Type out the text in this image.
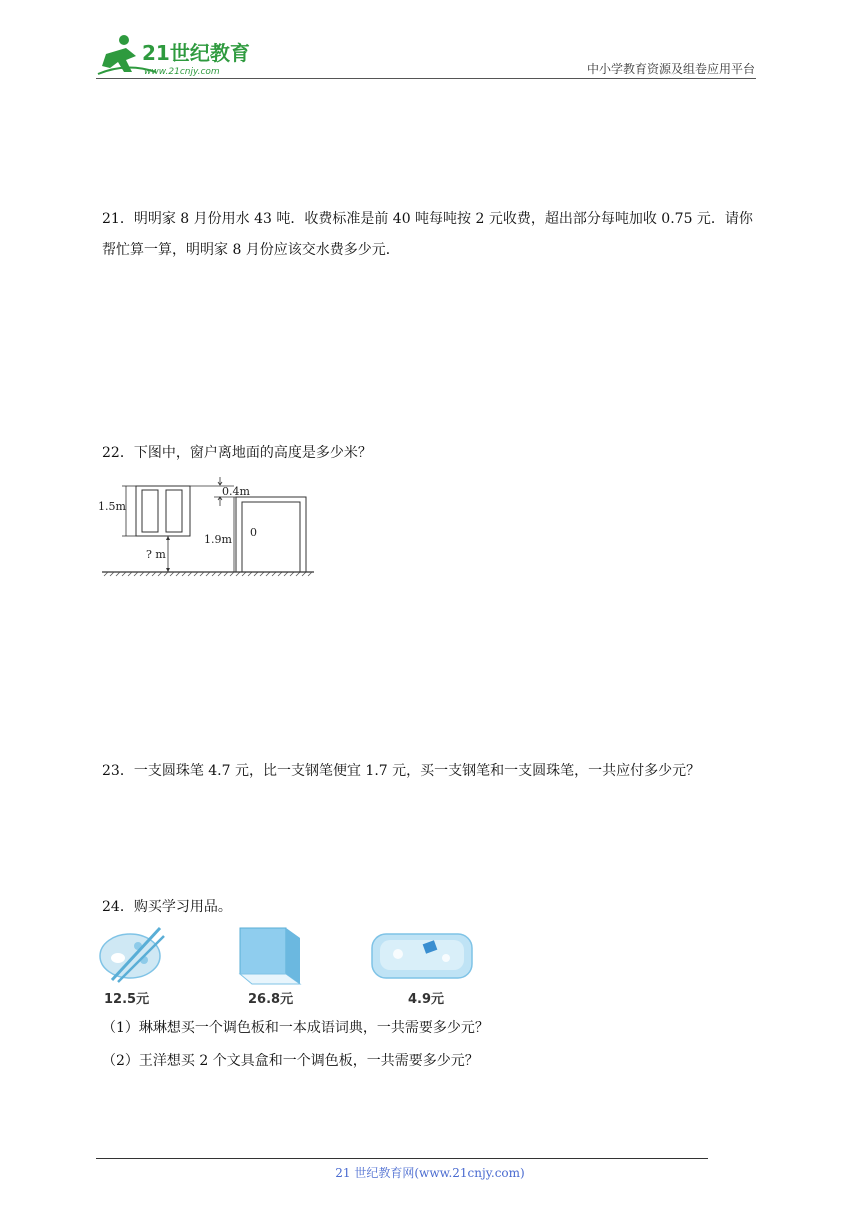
21世纪教育
www.21cnjy.com	中小学教育资源及组卷应用平台
21．明明家 8 月份用水 43 吨．收费标准是前 40 吨每吨按 2 元收费，超出部分每吨加收 0.75 元．请你帮忙算一算，明明家 8 月份应该交水费多少元．
22．下图中，窗户离地面的高度是多少米？
1.5m
? m
0.4m
1.9m
0
23．一支圆珠笔 4.7 元，比一支钢笔便宜 1.7 元，买一支钢笔和一支圆珠笔，一共应付多少元？
24．购买学习用品。
12.5元	26.8元	4.9元
（1）琳琳想买一个调色板和一本成语词典，一共需要多少元？
（2）王洋想买 2 个文具盒和一个调色板，一共需要多少元？
21 世纪教育网(www.21cnjy.com)
